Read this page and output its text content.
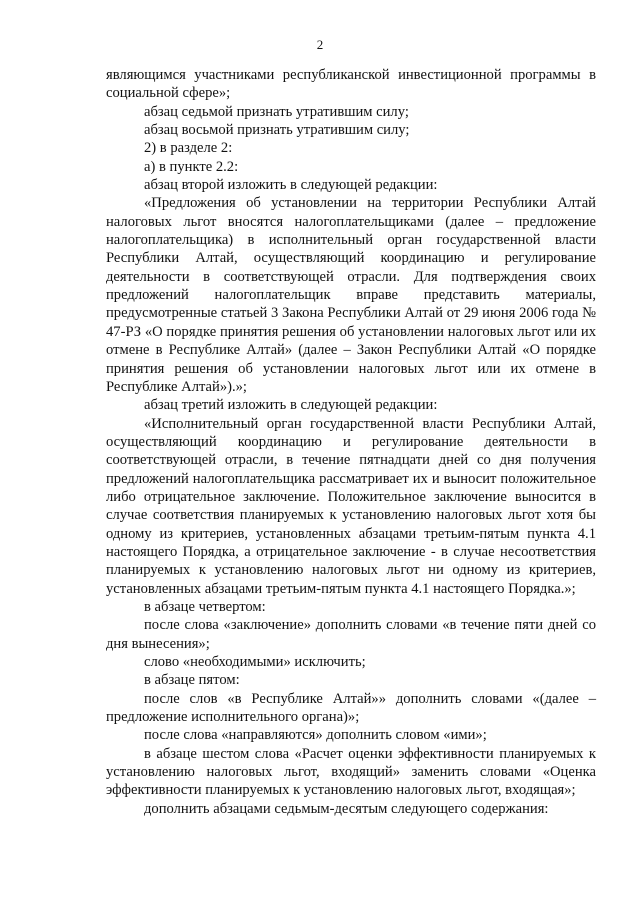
2

являющимся участниками республиканской инвестиционной программы в социальной сфере»;

абзац седьмой признать утратившим силу;

абзац восьмой признать утратившим силу;

2) в разделе 2:

а) в пункте 2.2:

абзац второй изложить в следующей редакции:

«Предложения об установлении на территории Республики Алтай налоговых льгот вносятся налогоплательщиками (далее – предложение налогоплательщика) в исполнительный орган государственной власти Республики Алтай, осуществляющий координацию и регулирование деятельности в соответствующей отрасли. Для подтверждения своих предложений налогоплательщик вправе представить материалы, предусмотренные статьей 3 Закона Республики Алтай от 29 июня 2006 года № 47-РЗ «О порядке принятия решения об установлении налоговых льгот или их отмене в Республике Алтай» (далее – Закон Республики Алтай «О порядке принятия решения об установлении налоговых льгот или их отмене в Республике Алтай»).»;

абзац третий изложить в следующей редакции:

«Исполнительный орган государственной власти Республики Алтай, осуществляющий координацию и регулирование деятельности в соответствующей отрасли, в течение пятнадцати дней со дня получения предложений налогоплательщика рассматривает их и выносит положительное либо отрицательное заключение. Положительное заключение выносится в случае соответствия планируемых к установлению налоговых льгот хотя бы одному из критериев, установленных абзацами третьим-пятым пункта 4.1 настоящего Порядка, а отрицательное заключение - в случае несоответствия планируемых к установлению налоговых льгот ни одному из критериев, установленных абзацами третьим-пятым пункта 4.1 настоящего Порядка.»;

в абзаце четвертом:

после слова «заключение» дополнить словами «в течение пяти дней со дня вынесения»;

слово «необходимыми» исключить;

в абзаце пятом:

после слов «в Республике Алтай»» дополнить словами «(далее – предложение исполнительного органа)»;

после слова «направляются» дополнить словом «ими»;

в абзаце шестом слова «Расчет оценки эффективности планируемых к установлению налоговых льгот, входящий» заменить словами «Оценка эффективности планируемых к установлению налоговых льгот, входящая»;

дополнить абзацами седьмым-десятым следующего содержания:
